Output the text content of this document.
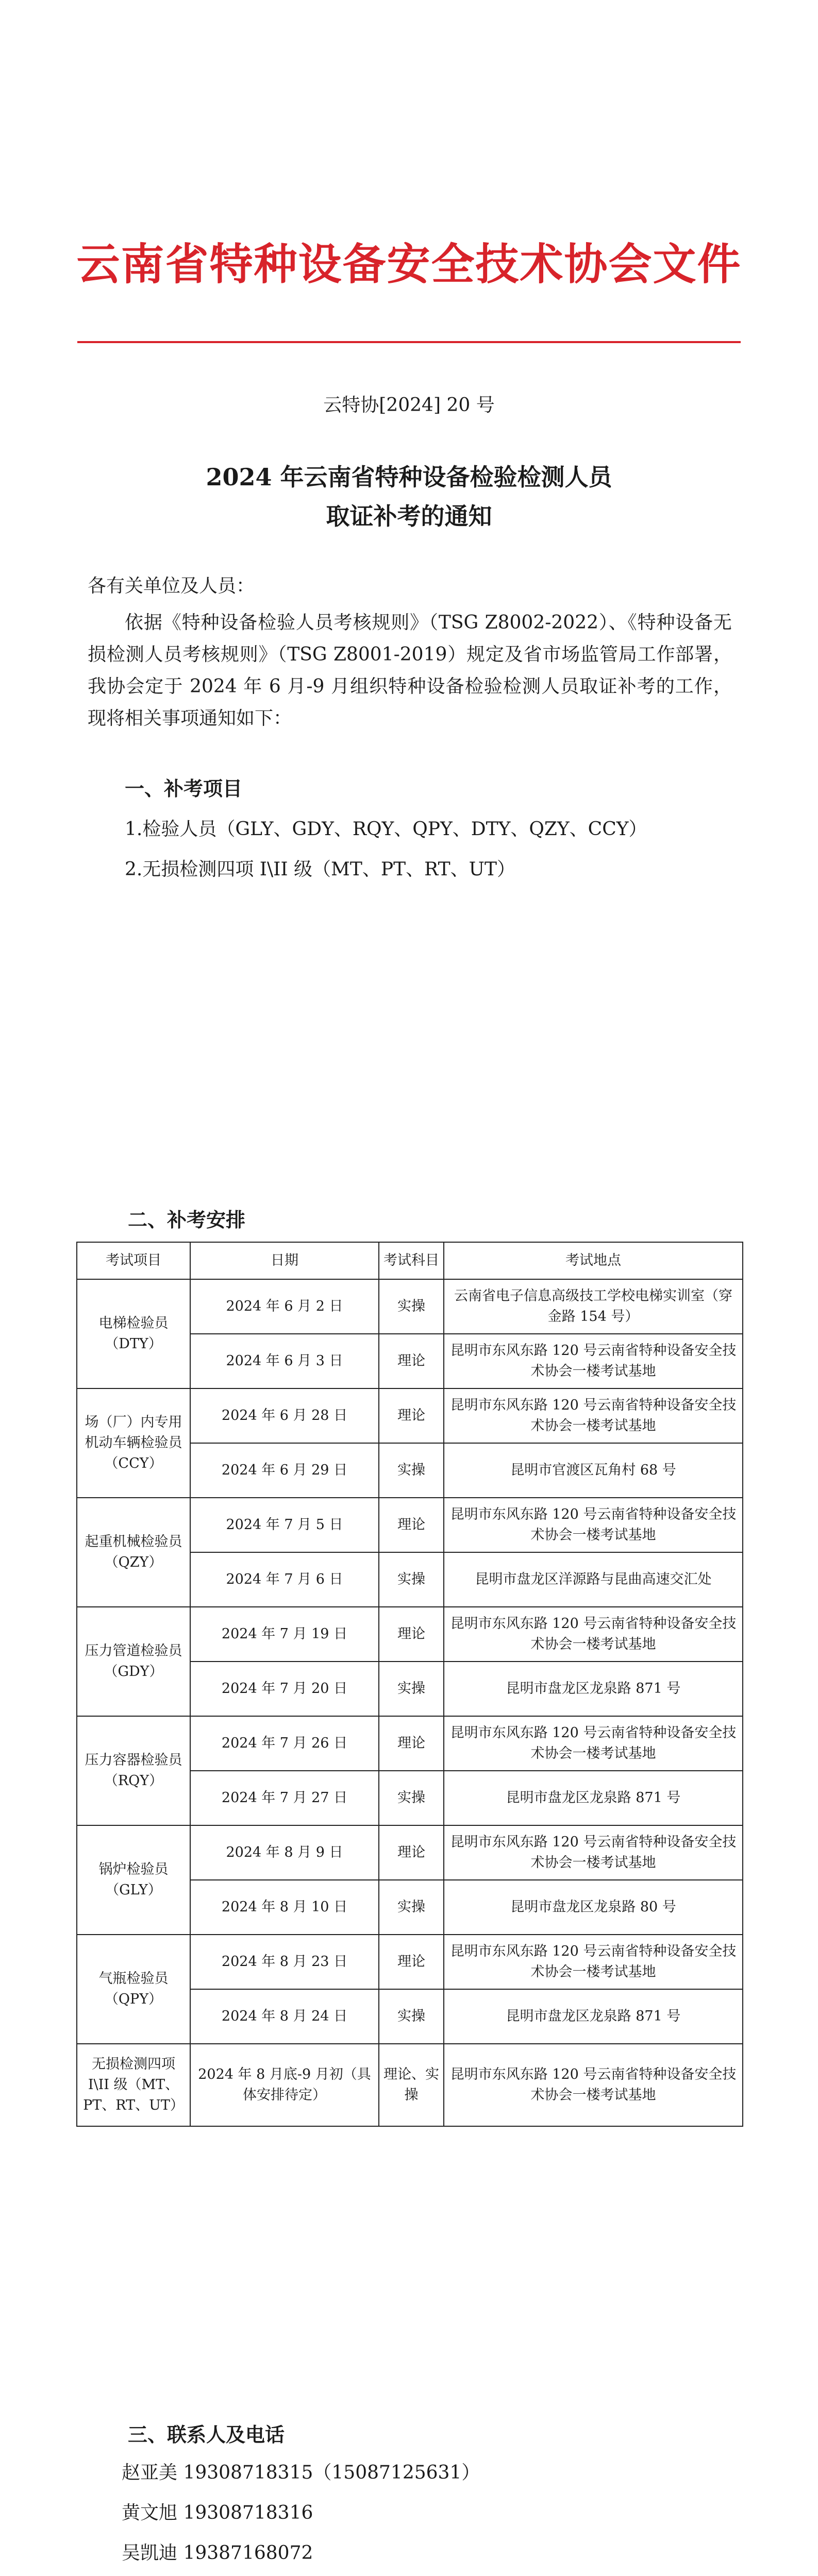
云南省特种设备安全技术协会文件
云特协[2024] 20 号
2024 年云南省特种设备检验检测人员
取证补考的通知
各有关单位及人员：
依据《特种设备检验人员考核规则》（TSG Z8002-2022）、《特种设备无损检测人员考核规则》（TSG Z8001-2019）规定及省市场监管局工作部署，我协会定于 2024 年 6 月-9 月组织特种设备检验检测人员取证补考的工作，现将相关事项通知如下：
一、补考项目
1.检验人员（GLY、GDY、RQY、QPY、DTY、QZY、CCY）
2.无损检测四项 I\II 级（MT、PT、RT、UT）
二、补考安排
考试项目	日期	考试科目	考试地点
电梯检验员（DTY）	2024 年 6 月 2 日	实操	云南省电子信息高级技工学校电梯实训室（穿金路 154 号）
	2024 年 6 月 3 日	理论	昆明市东风东路 120 号云南省特种设备安全技术协会一楼考试基地
场（厂）内专用机动车辆检验员（CCY）	2024 年 6 月 28 日	理论	昆明市东风东路 120 号云南省特种设备安全技术协会一楼考试基地
	2024 年 6 月 29 日	实操	昆明市官渡区瓦角村 68 号
起重机械检验员（QZY）	2024 年 7 月 5 日	理论	昆明市东风东路 120 号云南省特种设备安全技术协会一楼考试基地
	2024 年 7 月 6 日	实操	昆明市盘龙区洋源路与昆曲高速交汇处
压力管道检验员（GDY）	2024 年 7 月 19 日	理论	昆明市东风东路 120 号云南省特种设备安全技术协会一楼考试基地
	2024 年 7 月 20 日	实操	昆明市盘龙区龙泉路 871 号
压力容器检验员（RQY）	2024 年 7 月 26 日	理论	昆明市东风东路 120 号云南省特种设备安全技术协会一楼考试基地
	2024 年 7 月 27 日	实操	昆明市盘龙区龙泉路 871 号
锅炉检验员（GLY）	2024 年 8 月 9 日	理论	昆明市东风东路 120 号云南省特种设备安全技术协会一楼考试基地
	2024 年 8 月 10 日	实操	昆明市盘龙区龙泉路 80 号
气瓶检验员（QPY）	2024 年 8 月 23 日	理论	昆明市东风东路 120 号云南省特种设备安全技术协会一楼考试基地
	2024 年 8 月 24 日	实操	昆明市盘龙区龙泉路 871 号
无损检测四项 I\II 级（MT、PT、RT、UT）	2024 年 8 月底-9 月初（具体安排待定）	理论、实操	昆明市东风东路 120 号云南省特种设备安全技术协会一楼考试基地
三、联系人及电话
赵亚美 19308718315（15087125631）
黄文旭 19308718316
吴凯迪 19387168072
